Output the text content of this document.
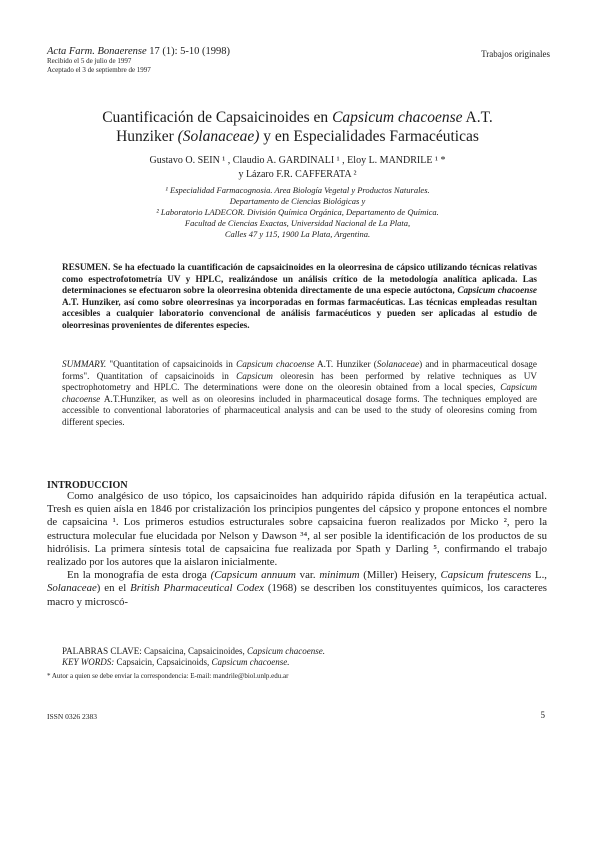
Acta Farm. Bonaerense 17 (1): 5-10 (1998)
Recibido el 5 de julio de 1997
Aceptado el 3 de septiembre de 1997
Trabajos originales
Cuantificación de Capsaicinoides en Capsicum chacoense A.T.
Hunziker (Solanaceae) y en Especialidades Farmacéuticas
Gustavo O. SEIN ¹ , Claudio A. GARDINALI ¹ , Eloy L. MANDRILE ¹ *
y Lázaro F.R. CAFFERATA ²
¹ Especialidad Farmacognosia. Area Biología Vegetal y Productos Naturales.
Departamento de Ciencias Biológicas y
² Laboratorio LADECOR. División Química Orgánica, Departamento de Química.
Facultad de Ciencias Exactas, Universidad Nacional de La Plata,
Calles 47 y 115, 1900 La Plata, Argentina.
RESUMEN. Se ha efectuado la cuantificación de capsaicinoides en la oleorresina de cápsico utilizando técnicas relativas como espectrofotometría UV y HPLC, realizándose un análisis crítico de la metodología analítica aplicada. Las determinaciones se efectuaron sobre la oleorresina obtenida directamente de una especie autóctona, Capsicum chacoense A.T. Hunziker, así como sobre oleorresinas ya incorporadas en formas farmacéuticas. Las técnicas empleadas resultan accesibles a cualquier laboratorio convencional de análisis farmacéuticos y pueden ser aplicadas al estudio de oleorresinas provenientes de diferentes especies.
SUMMARY. "Quantitation of capsaicinoids in Capsicum chacoense A.T. Hunziker (Solanaceae) and in pharmaceutical dosage forms". Quantitation of capsaicinoids in Capsicum oleoresin has been performed by relative techniques as UV spectrophotometry and HPLC. The determinations were done on the oleoresin obtained from a local species, Capsicum chacoense A.T.Hunziker, as well as on oleoresins included in pharmaceutical dosage forms. The techniques employed are accessible to conventional laboratories of pharmaceutical analysis and can be used to the study of oleoresins coming from different species.
INTRODUCCION

Como analgésico de uso tópico, los capsaicinoides han adquirido rápida difusión en la terapéutica actual. Tresh es quien aísla en 1846 por cristalización los principios pungentes del cápsico y propone entonces el nombre de capsaicina ¹. Los primeros estudios estructurales sobre capsaicina fueron realizados por Micko ², pero la estructura molecular fue elucidada por Nelson y Dawson ³⁴, al ser posible la identificación de los productos de su hidrólisis. La primera síntesis total de capsaicina fue realizada por Spath y Darling ⁵, confirmando el trabajo realizado por los autores que la aislaron inicialmente.

En la monografía de esta droga (Capsicum annuum var. minimum (Miller) Heisery, Capsicum frutescens L., Solanaceae) en el British Pharmaceutical Codex (1968) se describen los constituyentes químicos, los caracteres macro y microscó-

PALABRAS CLAVE: Capsaicina, Capsaicinoides, Capsicum chacoense.
KEY WORDS: Capsaicin, Capsaicinoids, Capsicum chacoense.
* Autor a quien se debe enviar la correspondencia: E-mail: mandrile@biol.unlp.edu.ar
ISSN 0326 2383	5
